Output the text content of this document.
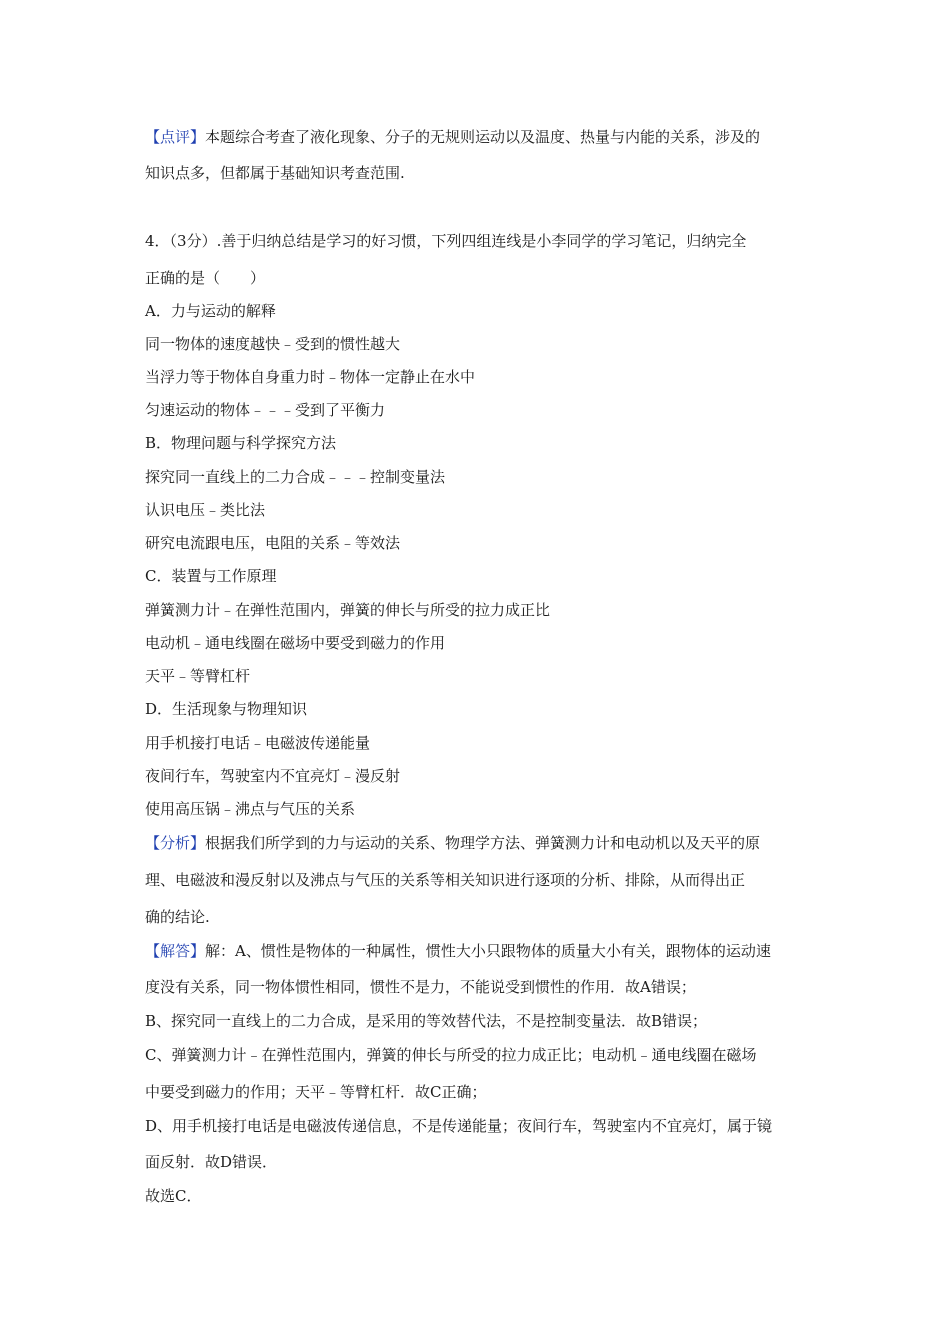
【点评】本题综合考查了液化现象、分子的无规则运动以及温度、热量与内能的关系，涉及的
知识点多，但都属于基础知识考查范围.
4．（3分）.善于归纳总结是学习的好习惯，下列四组连线是小李同学的学习笔记，归纳完全
正确的是（　　）
A．力与运动的解释
同一物体的速度越快﹣受到的惯性越大
当浮力等于物体自身重力时﹣物体一定静止在水中
匀速运动的物体﹣﹣﹣受到了平衡力
B．物理问题与科学探究方法
探究同一直线上的二力合成﹣﹣﹣控制变量法
认识电压﹣类比法
研究电流跟电压，电阻的关系﹣等效法
C．装置与工作原理
弹簧测力计﹣在弹性范围内，弹簧的伸长与所受的拉力成正比
电动机﹣通电线圈在磁场中要受到磁力的作用
天平﹣等臂杠杆
D．生活现象与物理知识
用手机接打电话﹣电磁波传递能量
夜间行车，驾驶室内不宜亮灯﹣漫反射
使用高压锅﹣沸点与气压的关系
【分析】根据我们所学到的力与运动的关系、物理学方法、弹簧测力计和电动机以及天平的原
理、电磁波和漫反射以及沸点与气压的关系等相关知识进行逐项的分析、排除，从而得出正
确的结论.
【解答】解：A、惯性是物体的一种属性，惯性大小只跟物体的质量大小有关，跟物体的运动速
度没有关系，同一物体惯性相同，惯性不是力，不能说受到惯性的作用．故A错误；
B、探究同一直线上的二力合成，是采用的等效替代法，不是控制变量法．故B错误；
C、弹簧测力计﹣在弹性范围内，弹簧的伸长与所受的拉力成正比；电动机﹣通电线圈在磁场
中要受到磁力的作用；天平﹣等臂杠杆．故C正确；
D、用手机接打电话是电磁波传递信息，不是传递能量；夜间行车，驾驶室内不宜亮灯，属于镜
面反射．故D错误．
故选C．
